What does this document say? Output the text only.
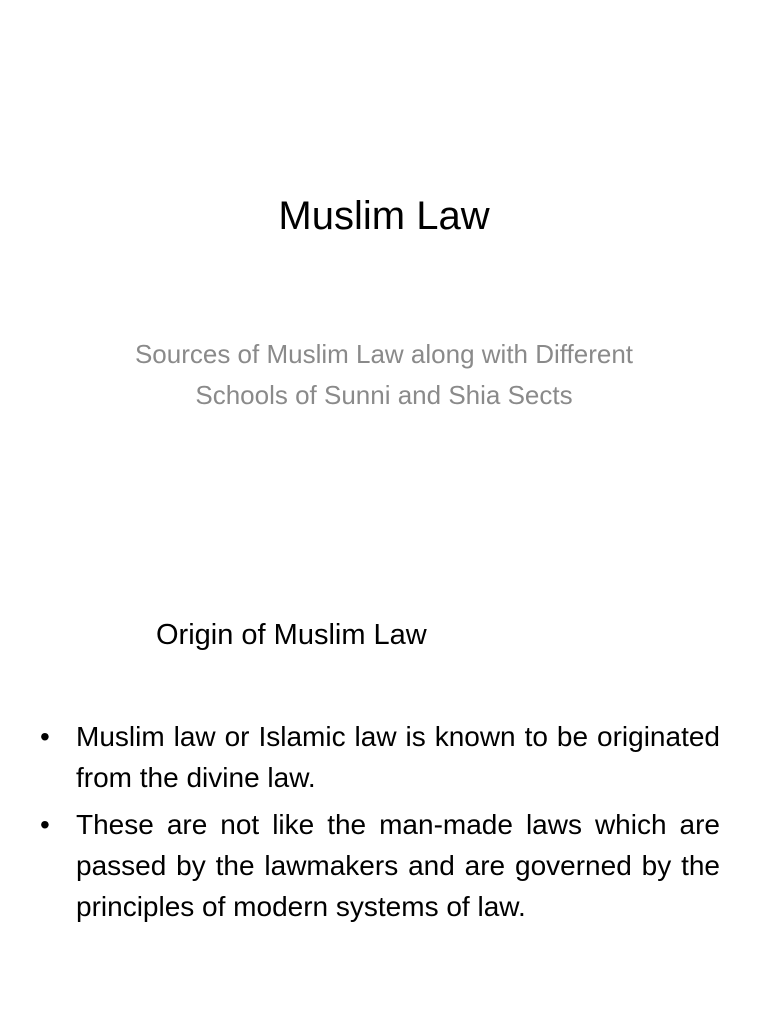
Muslim Law
Sources of Muslim Law along with Different Schools of Sunni and Shia Sects
Origin of Muslim Law
• Muslim law or Islamic law is known to be originated from the divine law.
• These are not like the man-made laws which are passed by the lawmakers and are governed by the principles of modern systems of law.
